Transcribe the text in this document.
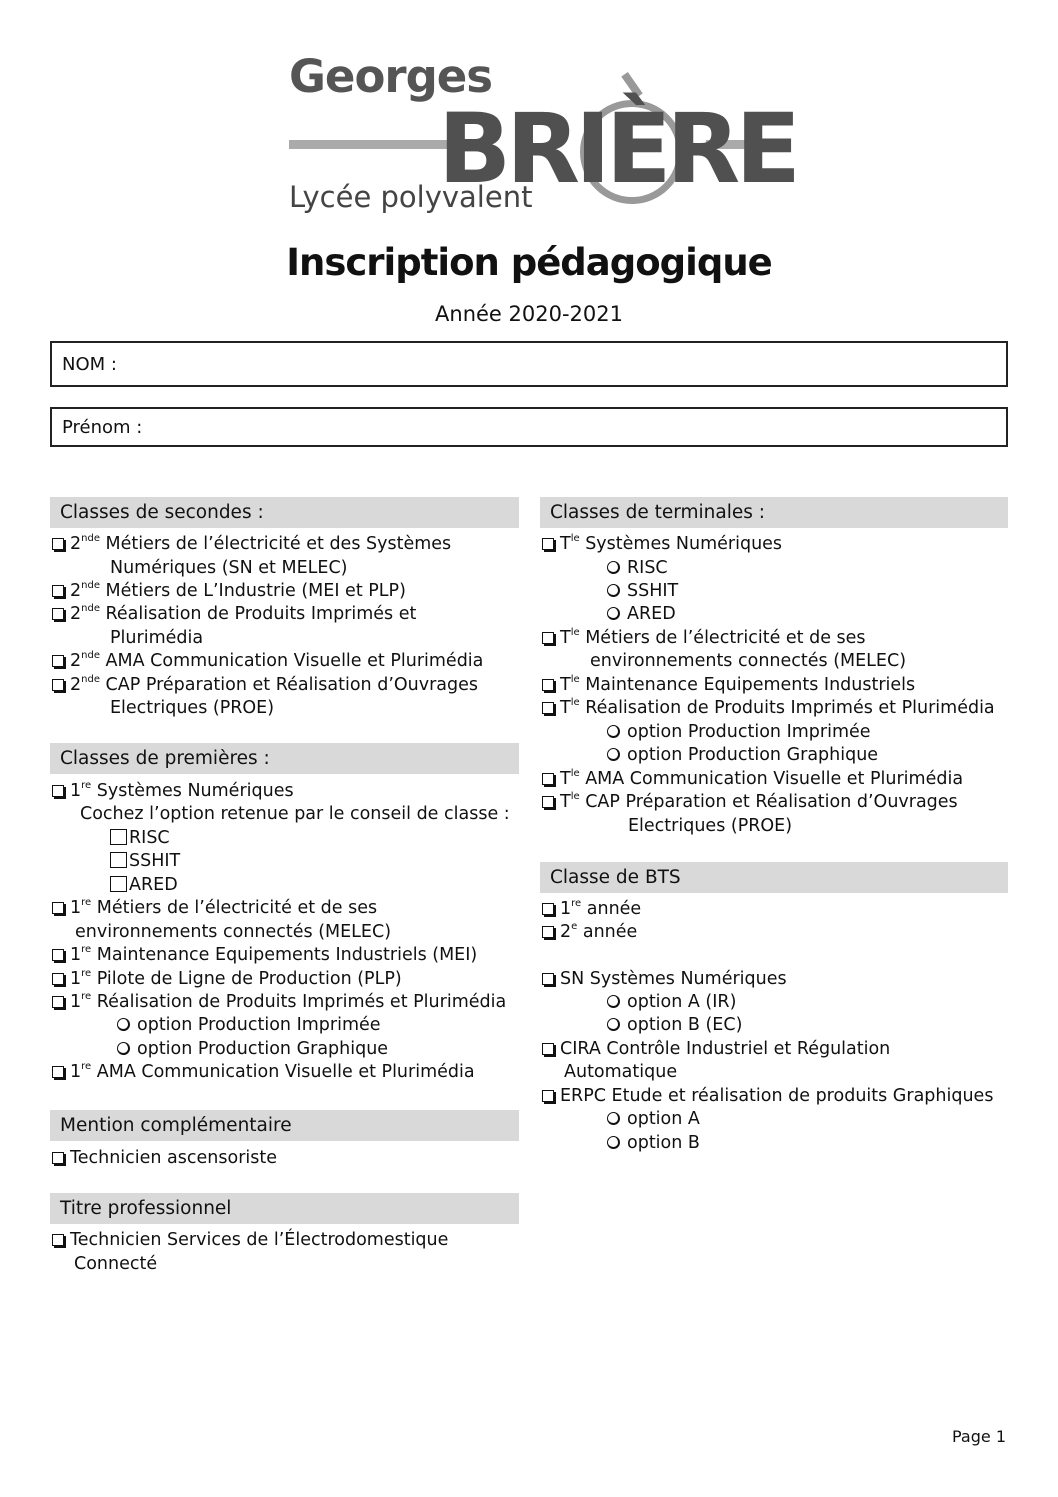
Georges
BRIÈRE
Lycée polyvalent
Inscription pédagogique
Année 2020-2021
NOM :
Prénom :
Classes de secondes :
2nde Métiers de l’électricité et des Systèmes
Numériques (SN et MELEC)
2nde Métiers de L’Industrie (MEI et PLP)
2nde Réalisation de Produits Imprimés et
Plurimédia
2nde AMA Communication Visuelle et Plurimédia
2nde CAP Préparation et Réalisation d’Ouvrages
Electriques (PROE)
Classes de premières :
1re Systèmes Numériques
Cochez l’option retenue par le conseil de classe :
RISC
SSHIT
ARED
1re Métiers de l’électricité et de ses
environnements connectés (MELEC)
1re Maintenance Equipements Industriels (MEI)
1re Pilote de Ligne de Production (PLP)
1re Réalisation de Produits Imprimés et Plurimédia
option Production Imprimée
option Production Graphique
1re AMA Communication Visuelle et Plurimédia
Mention complémentaire
Technicien ascensoriste
Titre professionnel
Technicien Services de l’Électrodomestique
Connecté
Classes de terminales :
$T^{le}$ Systèmes Numériques
RISC
SSHIT
ARED
$T^{le}$ Métiers de l’électricité et de ses
environnements connectés (MELEC)
$T^{le}$ Maintenance Equipements Industriels
$T^{le}$ Réalisation de Produits Imprimés et Plurimédia
option Production Imprimée
option Production Graphique
$T^{le}$ AMA Communication Visuelle et Plurimédia
$T^{le}$ CAP Préparation et Réalisation d’Ouvrages
Electriques (PROE)
Classe de BTS
1re année
2e année
SN Systèmes Numériques
option A (IR)
option B (EC)
CIRA Contrôle Industriel et Régulation
Automatique
ERPC Etude et réalisation de produits Graphiques
option A
option B
Page 1
